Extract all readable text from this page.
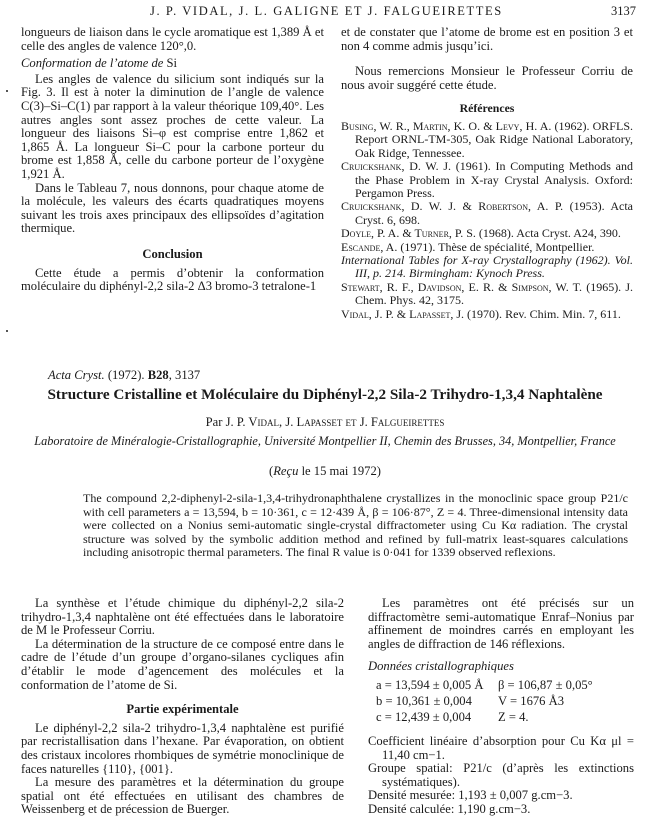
J. P. VIDAL, J. L. GALIGNE ET J. FALGUEIRETTES	3137

longueurs de liaison dans le cycle aromatique est 1,389 Å et celle des angles de valence 120°,0.

Conformation de l’atome de Si

Les angles de valence du silicium sont indiqués sur la Fig. 3. Il est à noter la diminution de l’angle de valence C(3)–Si–C(1) par rapport à la valeur théorique 109,40°. Les autres angles sont assez proches de cette valeur. La longueur des liaisons Si–φ est comprise entre 1,862 et 1,865 Å. La longueur Si–C pour la carbone porteur du brome est 1,858 Å, celle du carbone porteur de l’oxygène 1,921 Å.

Dans le Tableau 7, nous donnons, pour chaque atome de la molécule, les valeurs des écarts quadratiques moyens suivant les trois axes principaux des ellipsoïdes d’agitation thermique.

Conclusion

Cette étude a permis d’obtenir la conformation moléculaire du diphényl-2,2 sila-2 Δ3 bromo-3 tetralone-1

et de constater que l’atome de brome est en position 3 et non 4 comme admis jusqu’ici.

Nous remercions Monsieur le Professeur Corriu de nous avoir suggéré cette étude.

Références

Busing, W. R., Martin, K. O. & Levy, H. A. (1962). ORFLS. Report ORNL-TM-305, Oak Ridge National Laboratory, Oak Ridge, Tennessee.

Cruickshank, D. W. J. (1961). In Computing Methods and the Phase Problem in X-ray Crystal Analysis. Oxford: Pergamon Press.

Cruickshank, D. W. J. & Robertson, A. P. (1953). Acta Cryst. 6, 698.

Doyle, P. A. & Turner, P. S. (1968). Acta Cryst. A24, 390.

Escande, A. (1971). Thèse de spécialité, Montpellier.

International Tables for X-ray Crystallography (1962). Vol. III, p. 214. Birmingham: Kynoch Press.

Stewart, R. F., Davidson, E. R. & Simpson, W. T. (1965). J. Chem. Phys. 42, 3175.

Vidal, J. P. & Lapasset, J. (1970). Rev. Chim. Min. 7, 611.

Acta Cryst. (1972). B28, 3137
Structure Cristalline et Moléculaire du Diphényl-2,2 Sila-2 Trihydro-1,3,4 Naphtalène
Par J. P. Vidal, J. Lapasset et J. Falgueirettes
Laboratoire de Minéralogie-Cristallographie, Université Montpellier II, Chemin des Brusses, 34, Montpellier, France
(Reçu le 15 mai 1972)
The compound 2,2-diphenyl-2-sila-1,3,4-trihydronaphthalene crystallizes in the monoclinic space group P21/c with cell parameters a = 13,594, b = 10·361, c = 12·439 Å, β = 106·87°, Z = 4. Three-dimensional intensity data were collected on a Nonius semi-automatic single-crystal diffractometer using Cu Kα radiation. The crystal structure was solved by the symbolic addition method and refined by full-matrix least-squares calculations including anisotropic thermal parameters. The final R value is 0·041 for 1339 observed reflexions.

La synthèse et l’étude chimique du diphényl-2,2 sila-2 trihydro-1,3,4 naphtalène ont été effectuées dans le laboratoire de M le Professeur Corriu.

La détermination de la structure de ce composé entre dans le cadre de l’étude d’un groupe d’organo-silanes cycliques afin d’établir le mode d’agencement des molécules et la conformation de l’atome de Si.

Partie expérimentale

Le diphényl-2,2 sila-2 trihydro-1,3,4 naphtalène est purifié par recristallisation dans l’hexane. Par évaporation, on obtient des cristaux incolores rhombiques de symétrie monoclinique de faces naturelles {110}, {001}.

La mesure des paramètres et la détermination du groupe spatial ont été effectuées en utilisant des chambres de Weissenberg et de précession de Buerger.

Les paramètres ont été précisés sur un diffractomètre semi-automatique Enraf–Nonius par affinement de moindres carrés en employant les angles de diffraction de 146 réflexions.

Données cristallographiques

a = 13,594 ± 0,005 Å	β = 106,87 ± 0,05°
b = 10,361 ± 0,004	V = 1676 Å3
c = 12,439 ± 0,004	Z = 4.

Coefficient linéaire d’absorption pour Cu Kα μl = 11,40 cm−1.

Groupe spatial: P21/c (d’après les extinctions systématiques).

Densité mesurée: 1,193 ± 0,007 g.cm−3.

Densité calculée: 1,190 g.cm−3.
